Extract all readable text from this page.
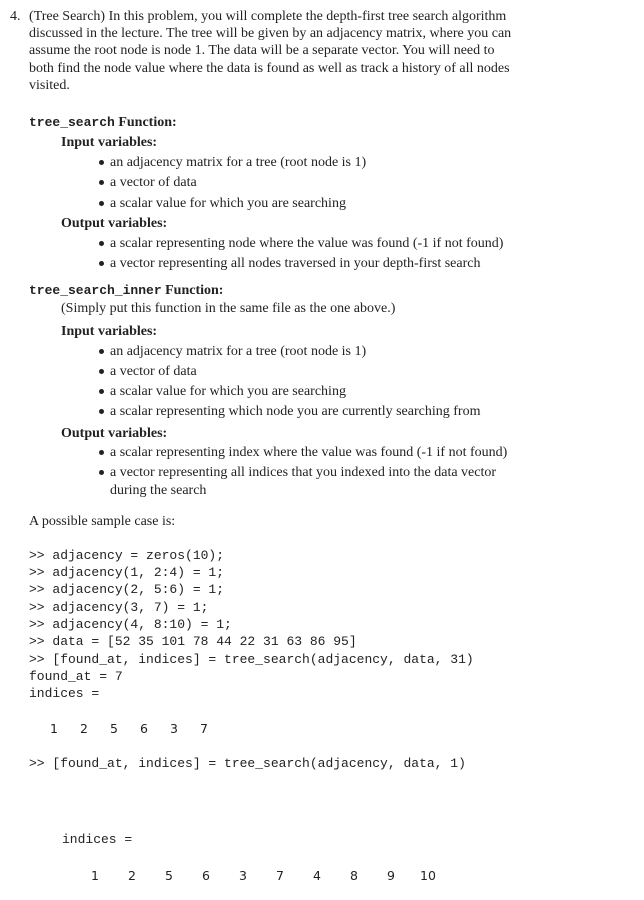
4. (Tree Search) In this problem, you will complete the depth-first tree search algorithm
discussed in the lecture. The tree will be given by an adjacency matrix, where you can
assume the root node is node 1. The data will be a separate vector. You will need to
both find the node value where the data is found as well as track a history of all nodes
visited.
tree_search Function:
Input variables:
an adjacency matrix for a tree (root node is 1)
a vector of data
a scalar value for which you are searching
Output variables:
a scalar representing node where the value was found (-1 if not found)
a vector representing all nodes traversed in your depth-first search
tree_search_inner Function:
(Simply put this function in the same file as the one above.)
Input variables:
an adjacency matrix for a tree (root node is 1)
a vector of data
a scalar value for which you are searching
a scalar representing which node you are currently searching from
Output variables:
a scalar representing index where the value was found (-1 if not found)
a vector representing all indices that you indexed into the data vector
during the search
A possible sample case is:
>> adjacency = zeros(10);
>> adjacency(1, 2:4) = 1;
>> adjacency(2, 5:6) = 1;
>> adjacency(3, 7) = 1;
>> adjacency(4, 8:10) = 1;
>> data = [52 35 101 78 44 22 31 63 86 95]
>> [found_at, indices] = tree_search(adjacency, data, 31)
found_at = 7
indices =
1 2 5 6 3 7
>> [found_at, indices] = tree_search(adjacency, data, 1)
indices =
1 2 5 6 3 7 4 8 9 10
